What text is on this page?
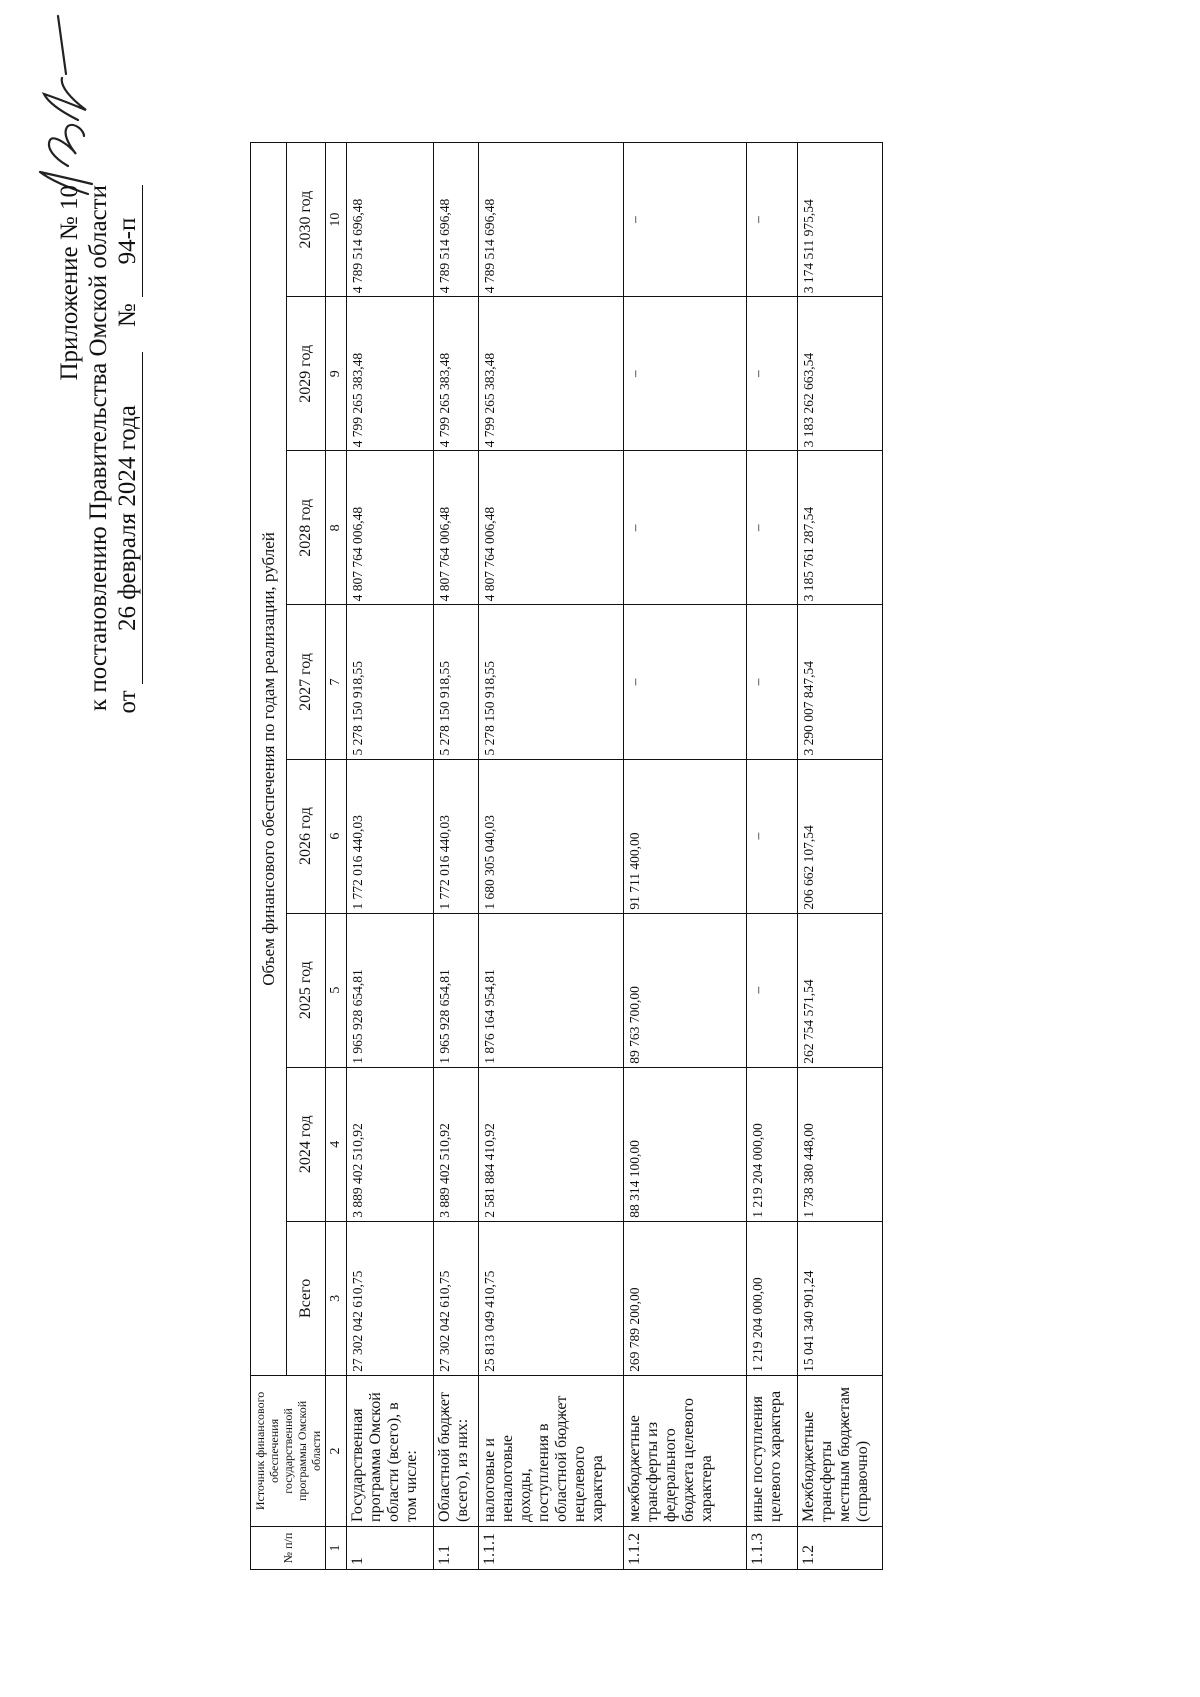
Приложение № 10 к постановлению Правительства Омской области от 26 февраля 2024 года    № 94-п
№ п/п	Источник финансового обеспечения государственной программы Омской области	Объем финансового обеспечения по годам реализации, рублей							
		Всего	2024 год	2025 год	2026 год	2027 год	2028 год	2029 год	2030 год
1	2	3	4	5	6	7	8	9	10
1	Государственная программа Омской области (всего), в том числе:	27 302 042 610,75	3 889 402 510,92	1 965 928 654,81	1 772 016 440,03	5 278 150 918,55	4 807 764 006,48	4 799 265 383,48	4 789 514 696,48
1.1	Областной бюджет (всего), из них:	27 302 042 610,75	3 889 402 510,92	1 965 928 654,81	1 772 016 440,03	5 278 150 918,55	4 807 764 006,48	4 799 265 383,48	4 789 514 696,48
1.1.1	налоговые и неналоговые доходы, поступления в областной бюджет нецелевого характера	25 813 049 410,75	2 581 884 410,92	1 876 164 954,81	1 680 305 040,03	5 278 150 918,55	4 807 764 006,48	4 799 265 383,48	4 789 514 696,48
1.1.2	межбюджетные трансферты из федерального бюджета целевого характера	269 789 200,00	88 314 100,00	89 763 700,00	91 711 400,00	–	–	–	–
1.1.3	иные поступления целевого характера	1 219 204 000,00	1 219 204 000,00	–	–	–	–	–	–
1.2	Межбюджетные трансферты местным бюджетам (справочно)	15 041 340 901,24	1 738 380 448,00	262 754 571,54	206 662 107,54	3 290 007 847,54	3 185 761 287,54	3 183 262 663,54	3 174 511 975,54
